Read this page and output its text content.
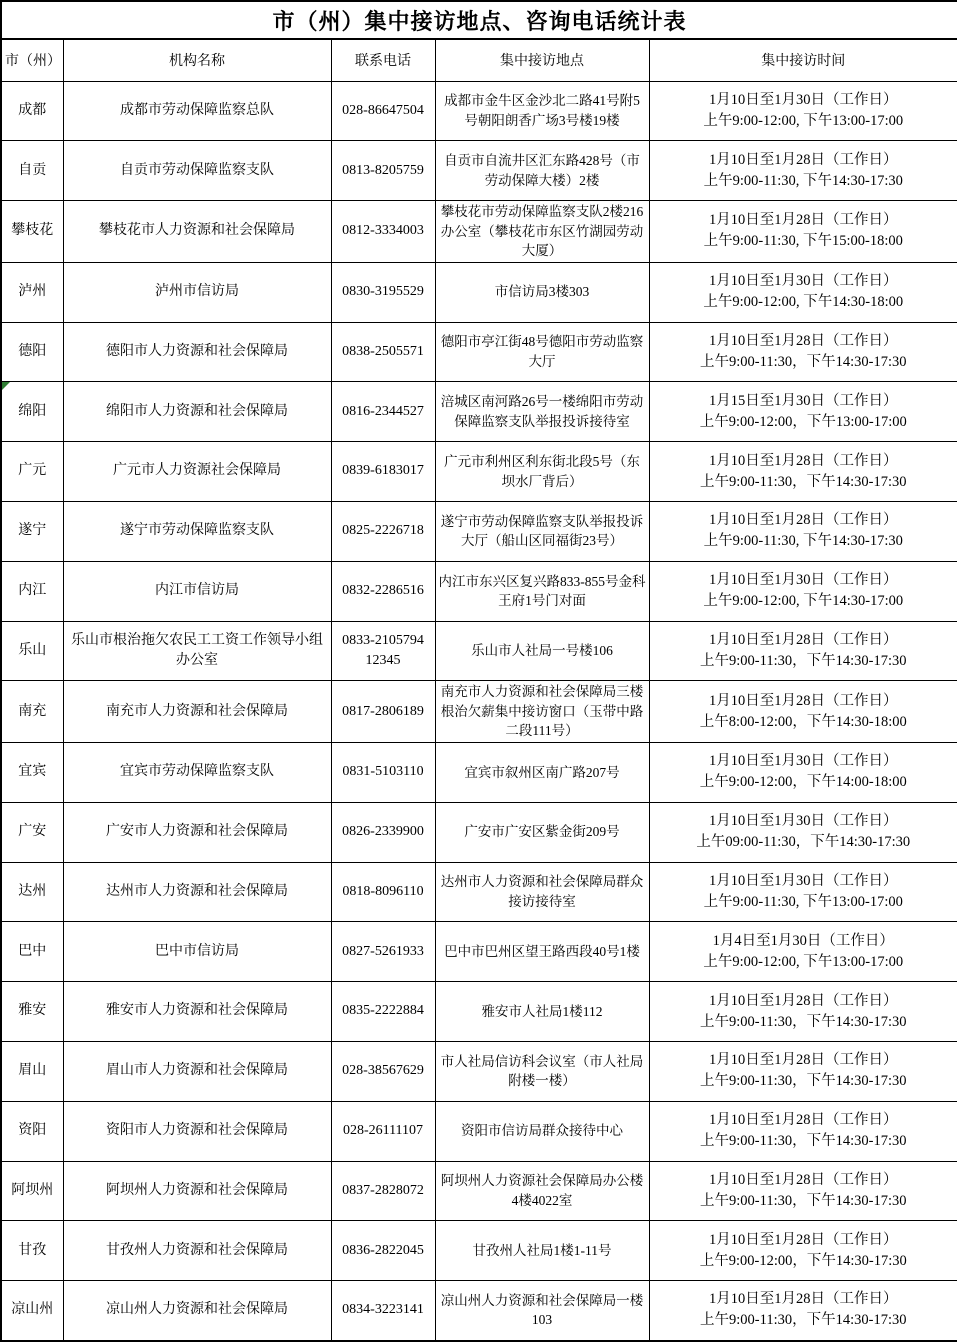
市（州）集中接访地点、咨询电话统计表				
市（州）	机构名称	联系电话	集中接访地点	集中接访时间
成都	成都市劳动保障监察总队	028-86647504	成都市金牛区金沙北二路41号附5号朝阳朗香广场3号楼19楼	1月10日至1月30日（工作日）
上午9:00-12:00, 下午13:00-17:00

自贡	自贡市劳动保障监察支队	0813-8205759	自贡市自流井区汇东路428号（市劳动保障大楼）2楼	1月10日至1月28日（工作日）
上午9:00-11:30, 下午14:30-17:30

攀枝花	攀枝花市人力资源和社会保障局	0812-3334003	攀枝花市劳动保障监察支队2楼216办公室（攀枝花市东区竹湖园劳动大厦）	1月10日至1月28日（工作日）
上午9:00-11:30, 下午15:00-18:00

泸州	泸州市信访局	0830-3195529	市信访局3楼303	1月10日至1月30日（工作日）
上午9:00-12:00, 下午14:30-18:00

德阳	德阳市人力资源和社会保障局	0838-2505571	德阳市亭江街48号德阳市劳动监察大厅	1月10日至1月28日（工作日）
上午9:00-11:30，下午14:30-17:30

绵阳	绵阳市人力资源和社会保障局	0816-2344527	涪城区南河路26号一楼绵阳市劳动保障监察支队举报投诉接待室	1月15日至1月30日（工作日）
上午9:00-12:00，下午13:00-17:00

广元	广元市人力资源社会保障局	0839-6183017	广元市利州区利东街北段5号（东坝水厂背后）	1月10日至1月28日（工作日）
上午9:00-11:30，下午14:30-17:30

遂宁	遂宁市劳动保障监察支队	0825-2226718	遂宁市劳动保障监察支队举报投诉大厅（船山区同福街23号）	1月10日至1月28日（工作日）
上午9:00-11:30, 下午14:30-17:30

内江	内江市信访局	0832-2286516	内江市东兴区复兴路833-855号金科王府1号门对面	1月10日至1月30日（工作日）
上午9:00-12:00, 下午14:30-17:00

乐山	乐山市根治拖欠农民工工资工作领导小组办公室	0833-2105794 12345	乐山市人社局一号楼106	1月10日至1月28日（工作日）
上午9:00-11:30，下午14:30-17:30

南充	南充市人力资源和社会保障局	0817-2806189	南充市人力资源和社会保障局三楼根治欠薪集中接访窗口（玉带中路二段111号）	1月10日至1月28日（工作日）
上午8:00-12:00，下午14:30-18:00

宜宾	宜宾市劳动保障监察支队	0831-5103110	宜宾市叙州区南广路207号	1月10日至1月30日（工作日）
上午9:00-12:00，下午14:00-18:00

广安	广安市人力资源和社会保障局	0826-2339900	广安市广安区紫金街209号	1月10日至1月30日（工作日）
上午09:00-11:30，下午14:30-17:30

达州	达州市人力资源和社会保障局	0818-8096110	达州市人力资源和社会保障局群众接访接待室	1月10日至1月30日（工作日）
上午9:00-11:30, 下午13:00-17:00

巴中	巴中市信访局	0827-5261933	巴中市巴州区望王路西段40号1楼	1月4日至1月30日（工作日）
上午9:00-12:00, 下午13:00-17:00

雅安	雅安市人力资源和社会保障局	0835-2222884	雅安市人社局1楼112	1月10日至1月28日（工作日）
上午9:00-11:30，下午14:30-17:30

眉山	眉山市人力资源和社会保障局	028-38567629	市人社局信访科会议室（市人社局附楼一楼）	1月10日至1月28日（工作日）
上午9:00-11:30，下午14:30-17:30

资阳	资阳市人力资源和社会保障局	028-26111107	资阳市信访局群众接待中心	1月10日至1月28日（工作日）
上午9:00-11:30，下午14:30-17:30

阿坝州	阿坝州人力资源和社会保障局	0837-2828072	阿坝州人力资源社会保障局办公楼4楼4022室	1月10日至1月28日（工作日）
上午9:00-11:30，下午14:30-17:30

甘孜	甘孜州人力资源和社会保障局	0836-2822045	甘孜州人社局1楼1-11号	1月10日至1月28日（工作日）
上午9:00-12:00，下午14:30-17:30

凉山州	凉山州人力资源和社会保障局	0834-3223141	凉山州人力资源和社会保障局一楼103	1月10日至1月28日（工作日）
上午9:00-11:30，下午14:30-17:30
